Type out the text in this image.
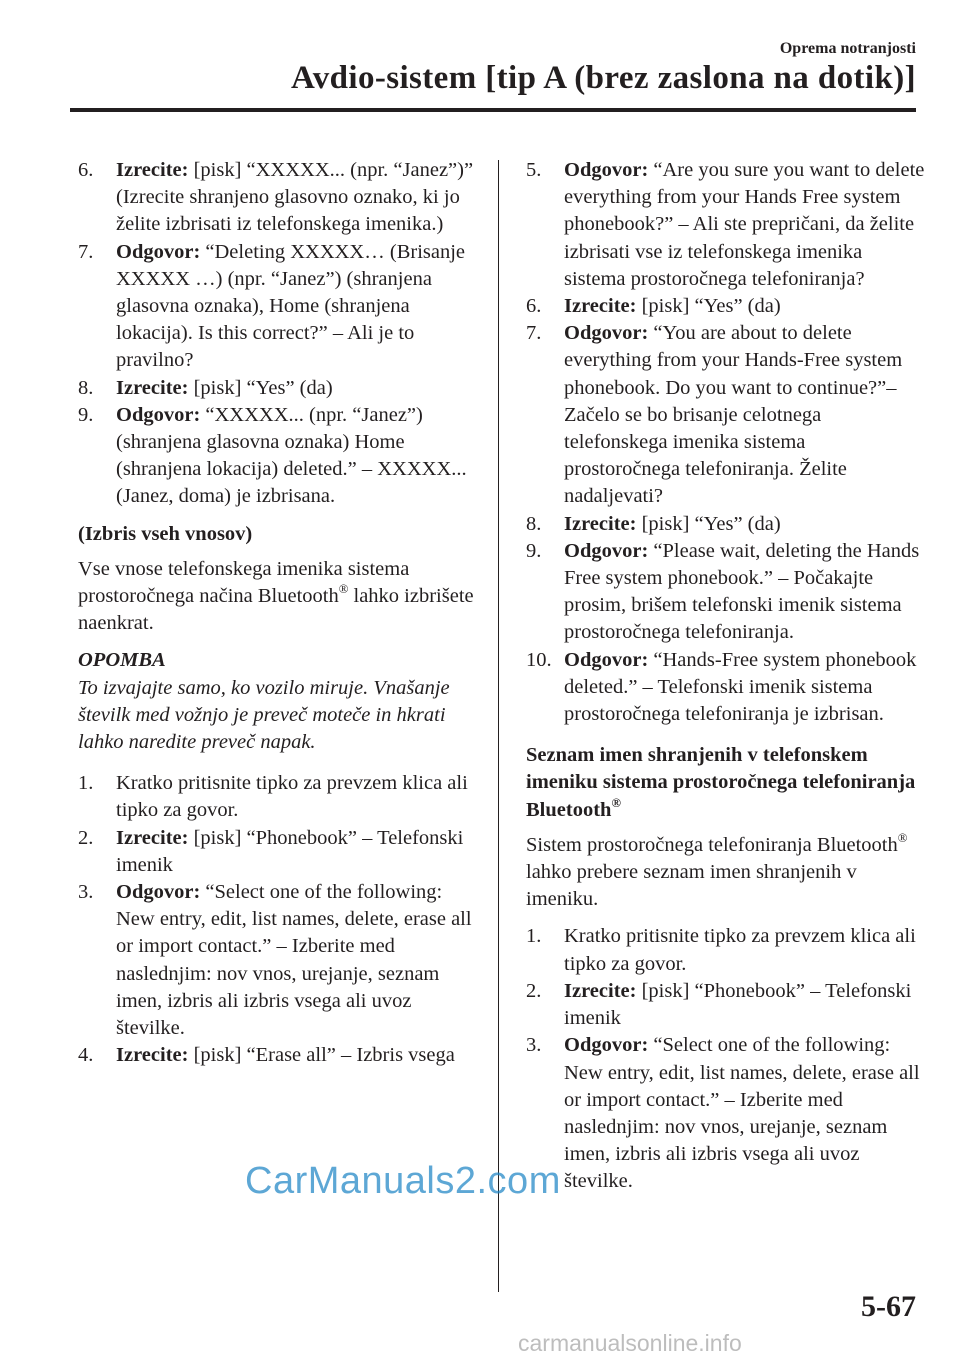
Oprema notranjosti
Avdio-sistem [tip A (brez zaslona na dotik)]
6.	Izrecite: [pisk] “XXXXX... (npr. “Janez”)” (Izrecite shranjeno glasovno oznako, ki jo želite izbrisati iz telefonskega imenika.)
7.	Odgovor: “Deleting XXXXX… (Brisanje XXXXX …) (npr. “Janez”) (shranjena glasovna oznaka), Home (shranjena lokacija). Is this correct?” – Ali je to pravilno?
8.	Izrecite: [pisk] “Yes” (da)
9.	Odgovor: “XXXXX... (npr. “Janez”) (shranjena glasovna oznaka) Home (shranjena lokacija) deleted.” – XXXXX... (Janez, doma) je izbrisana.
(Izbris vseh vnosov)
Vse vnose telefonskega imenika sistema prostoročnega načina Bluetooth® lahko izbrišete naenkrat.
OPOMBA
To izvajajte samo, ko vozilo miruje. Vnašanje številk med vožnjo je preveč moteče in hkrati lahko naredite preveč napak.
1.	Kratko pritisnite tipko za prevzem klica ali tipko za govor.
2.	Izrecite: [pisk] “Phonebook” – Telefonski imenik
3.	Odgovor: “Select one of the following: New entry, edit, list names, delete, erase all or import contact.” – Izberite med naslednjim: nov vnos, urejanje, seznam imen, izbris ali izbris vsega ali uvoz številke.
4.	Izrecite: [pisk] “Erase all” – Izbris vsega
5.	Odgovor: “Are you sure you want to delete everything from your Hands Free system phonebook?” – Ali ste prepričani, da želite izbrisati vse iz telefonskega imenika sistema prostoročnega telefoniranja?
6.	Izrecite: [pisk] “Yes” (da)
7.	Odgovor: “You are about to delete everything from your Hands-Free system phonebook. Do you want to continue?”– Začelo se bo brisanje celotnega telefonskega imenika sistema prostoročnega telefoniranja. Želite nadaljevati?
8.	Izrecite: [pisk] “Yes” (da)
9.	Odgovor: “Please wait, deleting the Hands Free system phonebook.” – Počakajte prosim, brišem telefonski imenik sistema prostoročnega telefoniranja.
10. Odgovor: “Hands-Free system phonebook deleted.” – Telefonski imenik sistema prostoročnega telefoniranja je izbrisan.
Seznam imen shranjenih v telefonskem imeniku sistema prostoročnega telefoniranja Bluetooth®
Sistem prostoročnega telefoniranja Bluetooth® lahko prebere seznam imen shranjenih v imeniku.
1.	Kratko pritisnite tipko za prevzem klica ali tipko za govor.
2.	Izrecite: [pisk] “Phonebook” – Telefonski imenik
3.	Odgovor: “Select one of the following: New entry, edit, list names, delete, erase all or import contact.” – Izberite med naslednjim: nov vnos, urejanje, seznam imen, izbris ali izbris vsega ali uvoz številke.
5-67
CarManuals2.com
carmanualsonline.info
